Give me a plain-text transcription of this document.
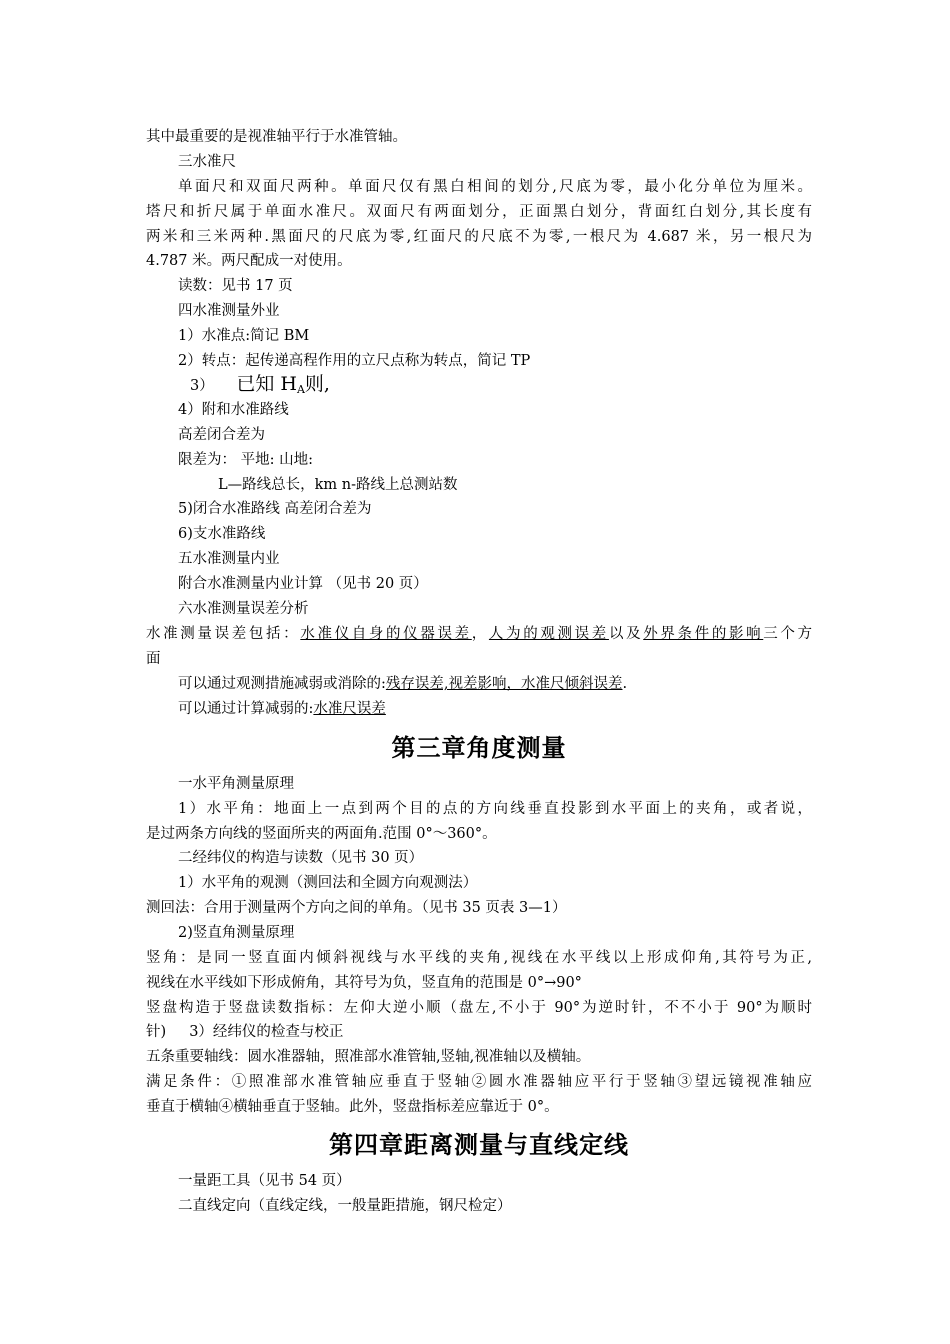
其中最重要的是视准轴平行于水准管轴。
三水准尺
单面尺和双面尺两种。单面尺仅有黑白相间的划分,尺底为零，最小化分单位为厘米。
塔尺和折尺属于单面水准尺。双面尺有两面划分，正面黑白划分，背面红白划分,其长度有
两米和三米两种.黑面尺的尺底为零,红面尺的尺底不为零,一根尺为 4.687 米，另一根尺为
4.787 米。两尺配成一对使用。
读数：见书 17 页
四水准测量外业
1）水准点:简记 BM
2）转点：起传递高程作用的立尺点称为转点，简记 TP
3） 已知 $H_A$则,
4）附和水准路线
高差闭合差为
限差为： 平地: 山地:
L—路线总长，km n-路线上总测站数
5)闭合水准路线 高差闭合差为
6)支水准路线
五水准测量内业
附合水准测量内业计算 （见书 20 页）
六水准测量误差分析
水准测量误差包括：水准仪自身的仪器误差，人为的观测误差以及外界条件的影响三个方
面
可以通过观测措施减弱或消除的:残存误差,视差影响，水准尺倾斜误差.
可以通过计算减弱的:水准尺误差
第三章角度测量
一水平角测量原理
1）水平角：地面上一点到两个目的点的方向线垂直投影到水平面上的夹角，或者说，
是过两条方向线的竖面所夹的两面角.范围 0°～360°。
二经纬仪的构造与读数（见书 30 页）
1）水平角的观测（测回法和全圆方向观测法）
测回法：合用于测量两个方向之间的单角。（见书 35 页表 3—1）
2)竖直角测量原理
竖角：是同一竖直面内倾斜视线与水平线的夹角,视线在水平线以上形成仰角,其符号为正,
视线在水平线如下形成俯角，其符号为负，竖直角的范围是 0°→90°
竖盘构造于竖盘读数指标：左仰大逆小顺（盘左,不小于 90°为逆时针，不不小于 90°为顺时
针)     3）经纬仪的检查与校正
五条重要轴线：圆水准器轴，照准部水准管轴,竖轴,视准轴以及横轴。
满足条件：①照准部水准管轴应垂直于竖轴②圆水准器轴应平行于竖轴③望远镜视准轴应
垂直于横轴④横轴垂直于竖轴。此外，竖盘指标差应靠近于 0°。
第四章距离测量与直线定线
一量距工具（见书 54 页）
二直线定向（直线定线，一般量距措施，钢尺检定）
